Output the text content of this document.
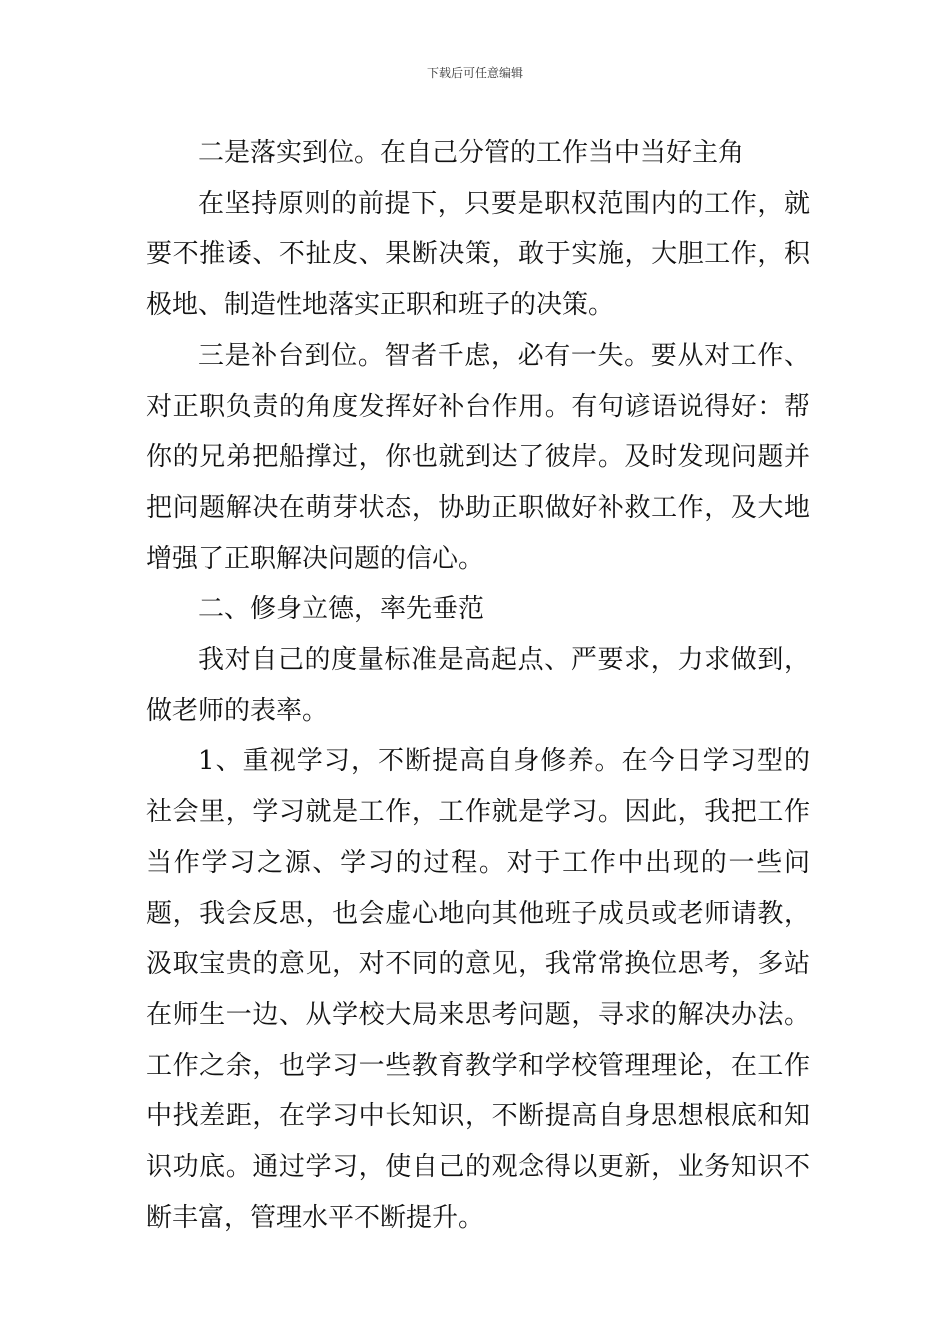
下载后可任意编辑

二是落实到位。在自己分管的工作当中当好主角

在坚持原则的前提下，只要是职权范围内的工作，就要不推诿、不扯皮、果断决策，敢于实施，大胆工作，积极地、制造性地落实正职和班子的决策。

三是补台到位。智者千虑，必有一失。要从对工作、对正职负责的角度发挥好补台作用。有句谚语说得好：帮你的兄弟把船撑过，你也就到达了彼岸。及时发现问题并把问题解决在萌芽状态，协助正职做好补救工作，及大地增强了正职解决问题的信心。

二、修身立德，率先垂范

我对自己的度量标准是高起点、严要求，力求做到，做老师的表率。

1、重视学习，不断提高自身修养。在今日学习型的社会里，学习就是工作，工作就是学习。因此，我把工作当作学习之源、学习的过程。对于工作中出现的一些问题，我会反思，也会虚心地向其他班子成员或老师请教，汲取宝贵的意见，对不同的意见，我常常换位思考，多站在师生一边、从学校大局来思考问题，寻求的解决办法。工作之余，也学习一些教育教学和学校管理理论，在工作中找差距，在学习中长知识，不断提高自身思想根底和知识功底。通过学习，使自己的观念得以更新，业务知识不断丰富，管理水平不断提升。
